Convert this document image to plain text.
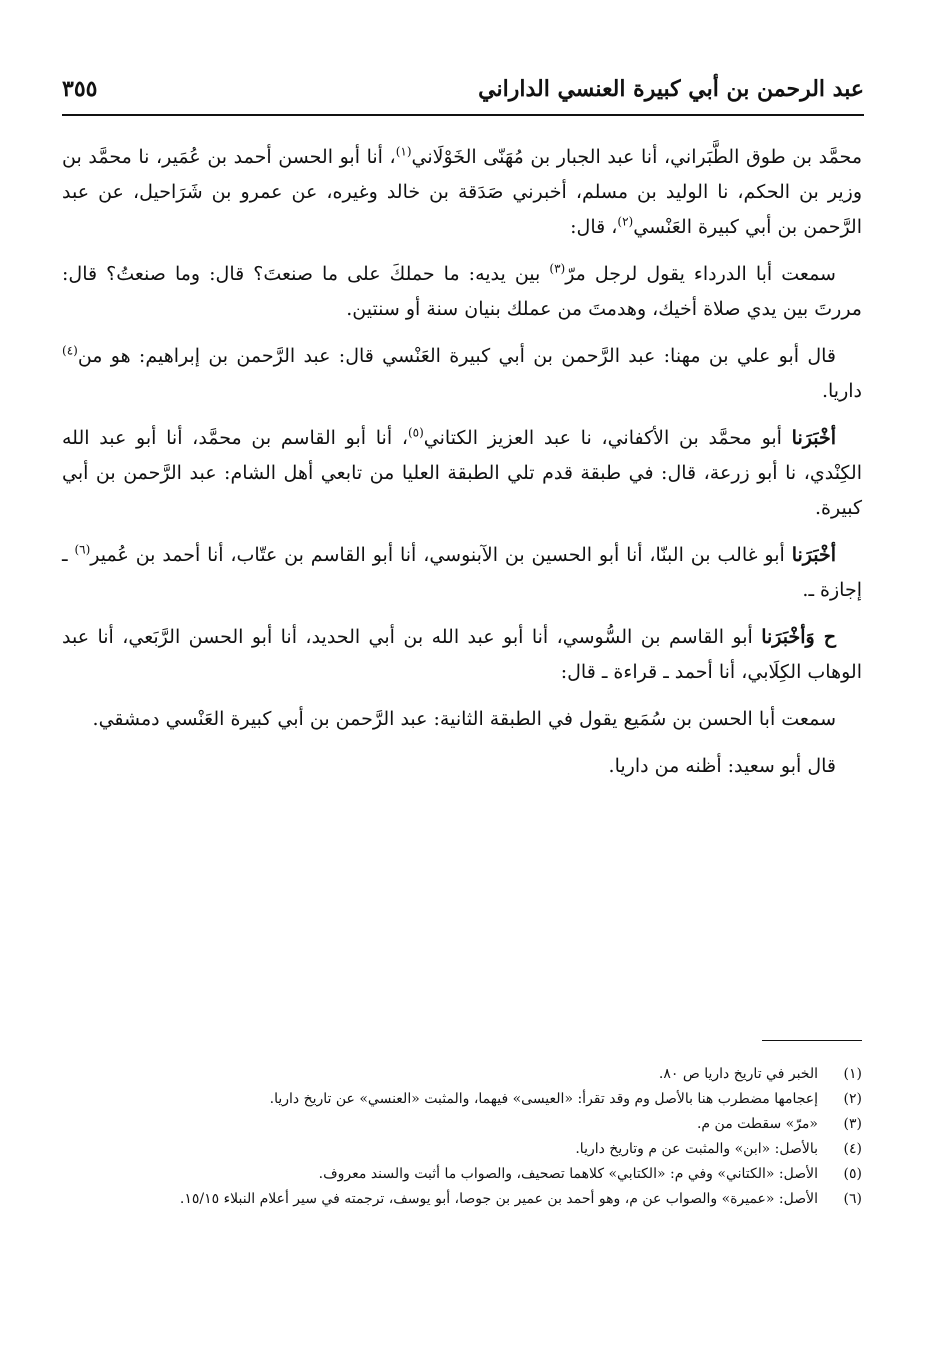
عبد الرحمن بن أبي كبيرة العنسي الداراني
٣٥٥

محمَّد بن طوق الطَّبَراني، أنا عبد الجبار بن مُهَنّى الخَوْلَاني$^{(١)}$، أنا أبو الحسن أحمد بن عُمَير، نا محمَّد بن وزير بن الحكم، نا الوليد بن مسلم، أخبرني صَدَقة بن خالد وغيره، عن عمرو بن شَرَاحيل، عن عبد الرَّحمن بن أبي كبيرة العَنْسي$^{(٢)}$، قال:

سمعت أبا الدرداء يقول لرجل مرّ$^{(٣)}$ بين يديه: ما حملكَ على ما صنعتَ؟ قال: وما صنعتُ؟ قال: مررتَ بين يدي صلاة أخيك، وهدمتَ من عملك بنيان سنة أو سنتين.

قال أبو علي بن مهنا: عبد الرَّحمن بن أبي كبيرة العَنْسي قال: عبد الرَّحمن بن إبراهيم: هو من$^{(٤)}$ داريا.

أخْبَرَنا أبو محمَّد بن الأكفاني، نا عبد العزيز الكتاني$^{(٥)}$، أنا أبو القاسم بن محمَّد، أنا أبو عبد الله الكِنْدي، نا أبو زرعة، قال: في طبقة قدم تلي الطبقة العليا من تابعي أهل الشام: عبد الرَّحمن بن أبي كبيرة.

أخْبَرَنا أبو غالب بن البنّا، أنا أبو الحسين بن الآبنوسي، أنا أبو القاسم بن عتّاب، أنا أحمد بن عُمير$^{(٦)}$ ـ إجازة ـ.

ح وَأخْبَرَنا أبو القاسم بن السُّوسي، أنا أبو عبد الله بن أبي الحديد، أنا أبو الحسن الرَّبَعي، أنا عبد الوهاب الكِلَابي، أنا أحمد ـ قراءة ـ قال:

سمعت أبا الحسن بن سُمَيع يقول في الطبقة الثانية: عبد الرَّحمن بن أبي كبيرة العَنْسي دمشقي.

قال أبو سعيد: أظنه من داريا.

(١)
الخبر في تاريخ داريا ص ٨٠.
(٢)
إعجامها مضطرب هنا بالأصل وم وقد تقرأ: «العيسى» فيهما، والمثبت «العنسي» عن تاريخ داريا.
(٣)
«مرّ» سقطت من م.
(٤)
بالأصل: «ابن» والمثبت عن م وتاريخ داريا.
(٥)
الأصل: «الكتاني» وفي م: «الكتابي» كلاهما تصحيف، والصواب ما أثبت والسند معروف.
(٦)
الأصل: «عميرة» والصواب عن م، وهو أحمد بن عمير بن جوصا، أبو يوسف، ترجمته في سير أعلام النبلاء ١٥/١٥.
